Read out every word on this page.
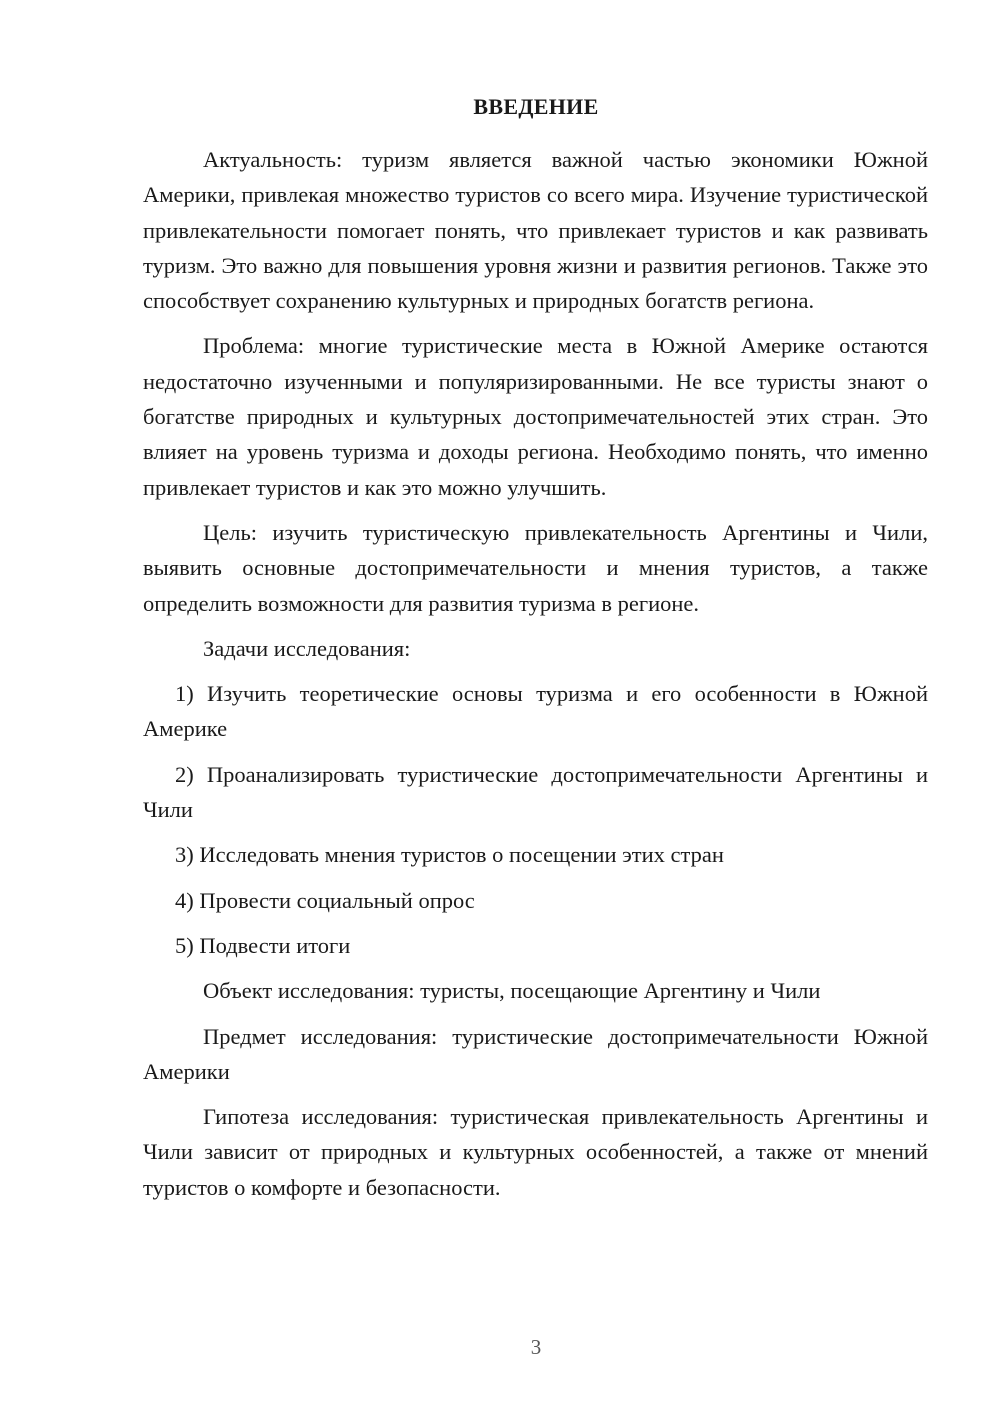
ВВЕДЕНИЕ

Актуальность: туризм является важной частью экономики Южной Америки, привлекая множество туристов со всего мира. Изучение туристической привлекательности помогает понять, что привлекает туристов и как развивать туризм. Это важно для повышения уровня жизни и развития регионов. Также это способствует сохранению культурных и природных богатств региона.

Проблема: многие туристические места в Южной Америке остаются недостаточно изученными и популяризированными. Не все туристы знают о богатстве природных и культурных достопримечательностей этих стран. Это влияет на уровень туризма и доходы региона. Необходимо понять, что именно привлекает туристов и как это можно улучшить.

Цель: изучить туристическую привлекательность Аргентины и Чили, выявить основные достопримечательности и мнения туристов, а также определить возможности для развития туризма в регионе.

Задачи исследования:

1) Изучить теоретические основы туризма и его особенности в Южной Америке

2) Проанализировать туристические достопримечательности Аргентины и Чили

3) Исследовать мнения туристов о посещении этих стран

4) Провести социальный опрос

5) Подвести итоги

Объект исследования: туристы, посещающие Аргентину и Чили

Предмет исследования: туристические достопримечательности Южной Америки

Гипотеза исследования: туристическая привлекательность Аргентины и Чили зависит от природных и культурных особенностей, а также от мнений туристов о комфорте и безопасности.

3
